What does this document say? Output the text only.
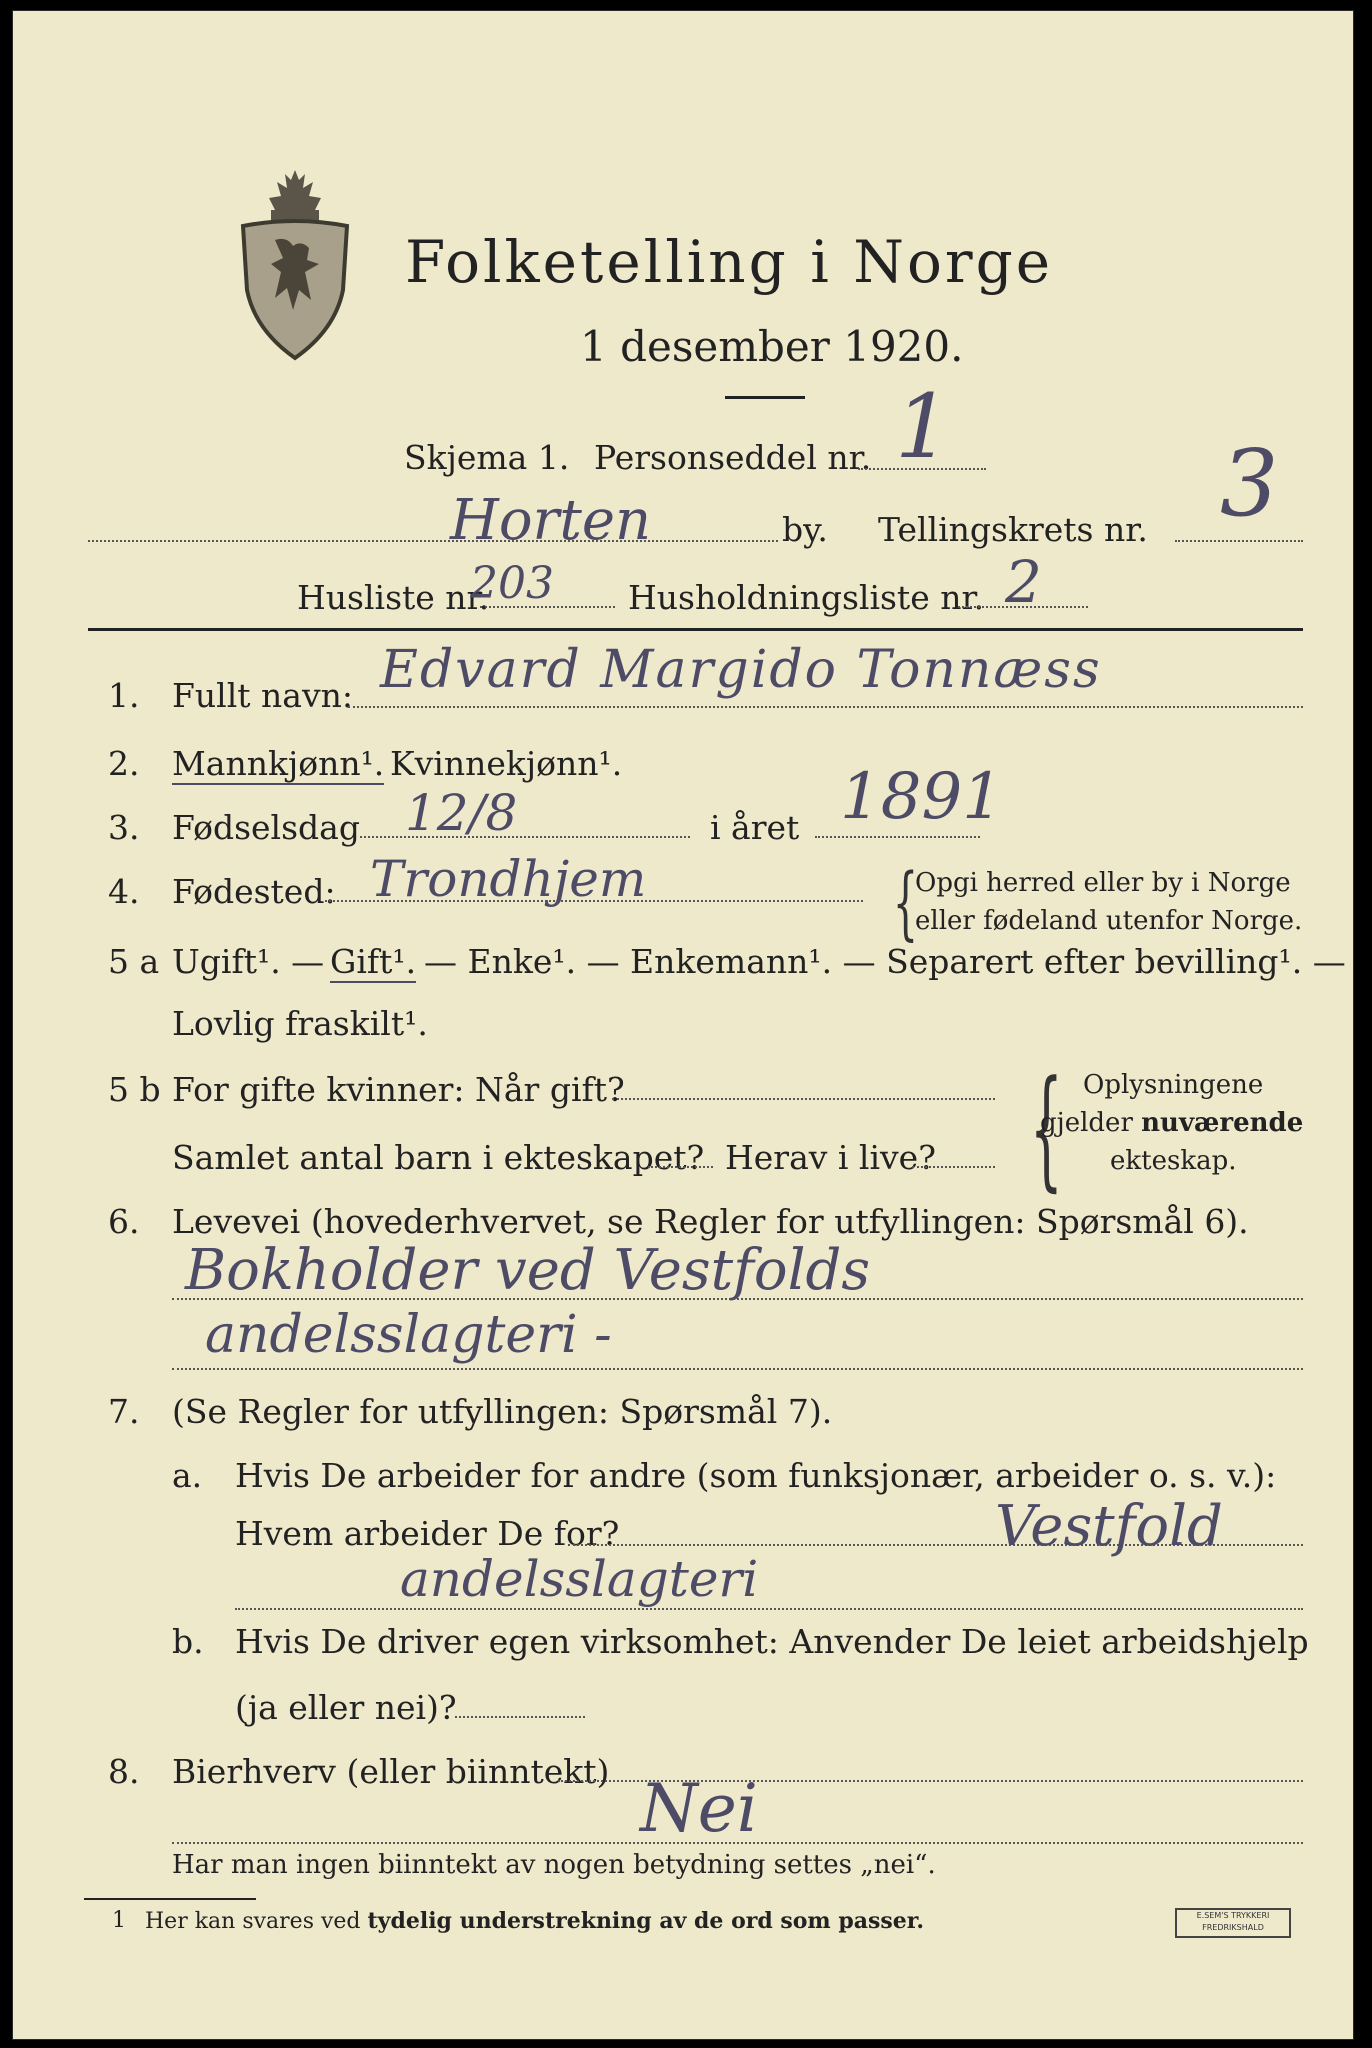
Folketelling i Norge
1 desember 1920.
Skjema 1. Personseddel nr. 1
Horten	by. Tellingskrets nr. 3
Husliste nr.
203 Husholdningsliste nr. 2
1. Fullt navn: Edvard Margido Tonnæss
2. Mannkjønn¹. Kvinnekjønn¹.
3. Fødselsdag 12/8	i året 1891
4. Fødested: Trondhjem	{
Opgi herred eller by i Norge
eller fødeland utenfor Norge.
5 a Ugift¹. — Gift¹. — Enke¹. — Enkemann¹. — Separert efter bevilling¹. —
Lovlig fraskilt¹.
5 b For gifte kvinner: Når gift?
Samlet antal barn i ekteskapet? Herav i live? { Oplysningene
gjelder nuværende
ekteskap.
6. Levevei (hovederhvervet, se Regler for utfyllingen: Spørsmål 6).
Bokholder ved Vestfolds
andelsslagteri -
7. (Se Regler for utfyllingen: Spørsmål 7).
a. Hvis De arbeider for andre (som funksjonær, arbeider o. s. v.):
Hvem arbeider De for?	Vestfold
andelsslagteri
b. Hvis De driver egen virksomhet: Anvender De leiet arbeidshjelp
(ja eller nei)?
8. Bierhverv (eller biinntekt) Nei
Har man ingen biinntekt av nogen betydning settes „nei“.
1 Her kan svares ved tydelig understrekning av de ord som passer.	E.SEM'S TRYKKERI
FREDRIKSHALD
